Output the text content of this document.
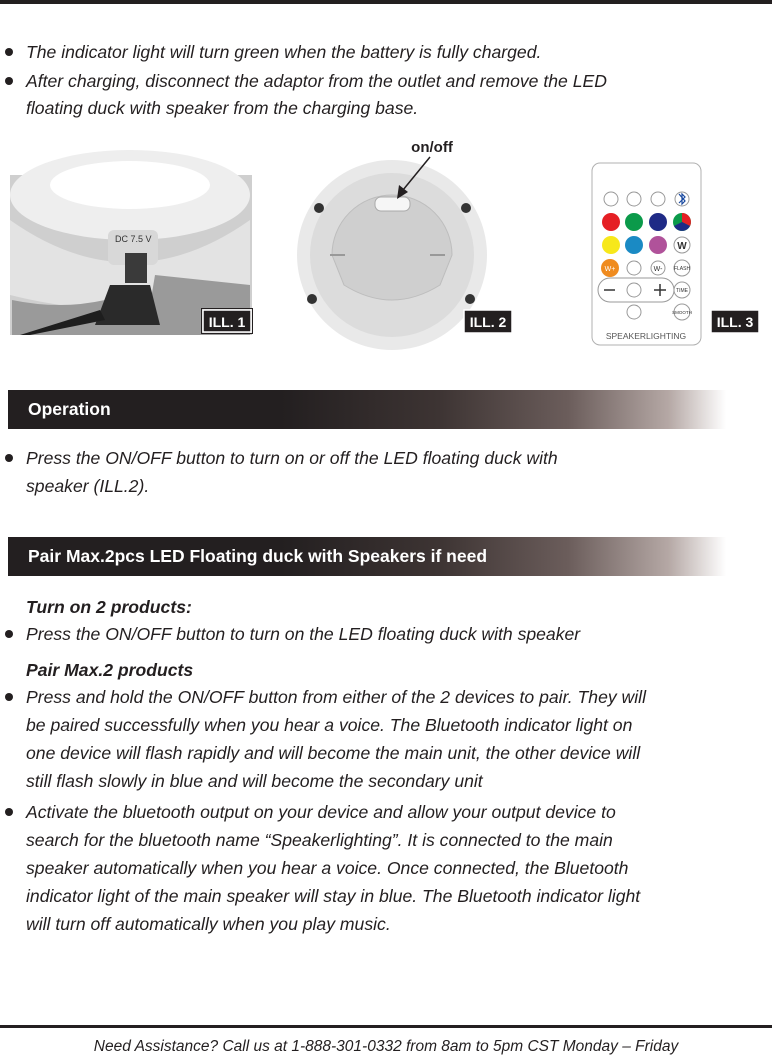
The indicator light will turn green when the battery is fully charged.
After charging, disconnect the adaptor from the outlet and remove the LED
floating duck with speaker from the charging base.
DC 7.5 V
ILL. 1
on/off
ILL. 2
W
W+	W- FLASH
TIME
SMOOTH
SPEAKERLIGHTING
ILL. 3
Operation
Press the ON/OFF button to turn on or off the LED floating duck with
speaker (ILL.2).
Pair Max.2pcs LED Floating duck with Speakers if need
Turn on 2 products:
Press the ON/OFF button to turn on the LED floating duck with speaker
Pair Max.2 products
Press and hold the ON/OFF button from either of the 2 devices to pair. They will
be paired successfully when you hear a voice. The Bluetooth indicator light on
one device will flash rapidly and will become the main unit, the other device will
still flash slowly in blue and will become the secondary unit
Activate the bluetooth output on your device and allow your output device to
search for the bluetooth name “Speakerlighting”. It is connected to the main
speaker automatically when you hear a voice. Once connected, the Bluetooth
indicator light of the main speaker will stay in blue. The Bluetooth indicator light
will turn off automatically when you play music.
Need Assistance? Call us at 1-888-301-0332 from 8am to 5pm CST Monday – Friday
